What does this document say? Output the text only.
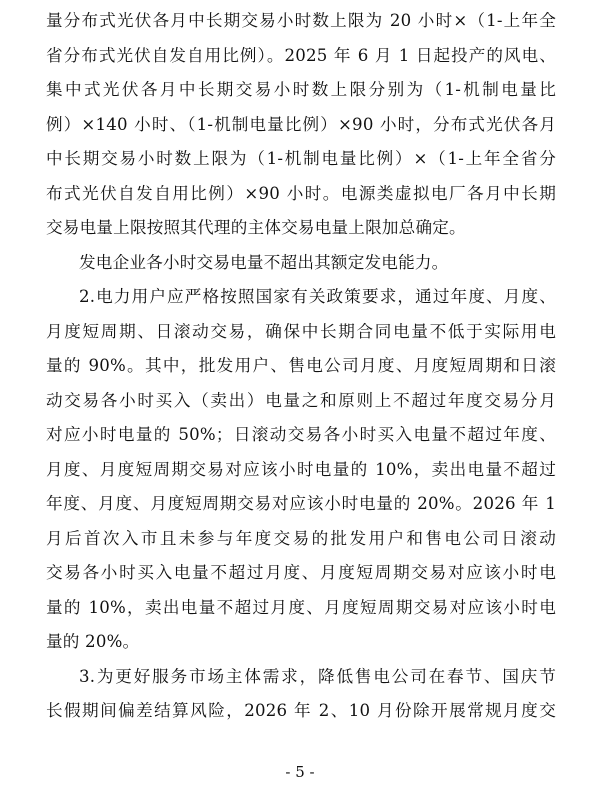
量分布式光伏各月中长期交易小时数上限为 20 小时×（1-上年全
省分布式光伏自发自用比例）。2025 年 6 月 1 日起投产的风电、
集中式光伏各月中长期交易小时数上限分别为（1-机制电量比
例）×140 小时、（1-机制电量比例）×90 小时，分布式光伏各月
中长期交易小时数上限为（1-机制电量比例）×（1-上年全省分
布式光伏自发自用比例）×90 小时。电源类虚拟电厂各月中长期
交易电量上限按照其代理的主体交易电量上限加总确定。
发电企业各小时交易电量不超出其额定发电能力。
2.电力用户应严格按照国家有关政策要求，通过年度、月度、
月度短周期、日滚动交易，确保中长期合同电量不低于实际用电
量的 90%。其中，批发用户、售电公司月度、月度短周期和日滚
动交易各小时买入（卖出）电量之和原则上不超过年度交易分月
对应小时电量的 50%；日滚动交易各小时买入电量不超过年度、
月度、月度短周期交易对应该小时电量的 10%，卖出电量不超过
年度、月度、月度短周期交易对应该小时电量的 20%。2026 年 1
月后首次入市且未参与年度交易的批发用户和售电公司日滚动
交易各小时买入电量不超过月度、月度短周期交易对应该小时电
量的 10%，卖出电量不超过月度、月度短周期交易对应该小时电
量的 20%。
3.为更好服务市场主体需求，降低售电公司在春节、国庆节
长假期间偏差结算风险，2026 年 2、10 月份除开展常规月度交
- 5 -
